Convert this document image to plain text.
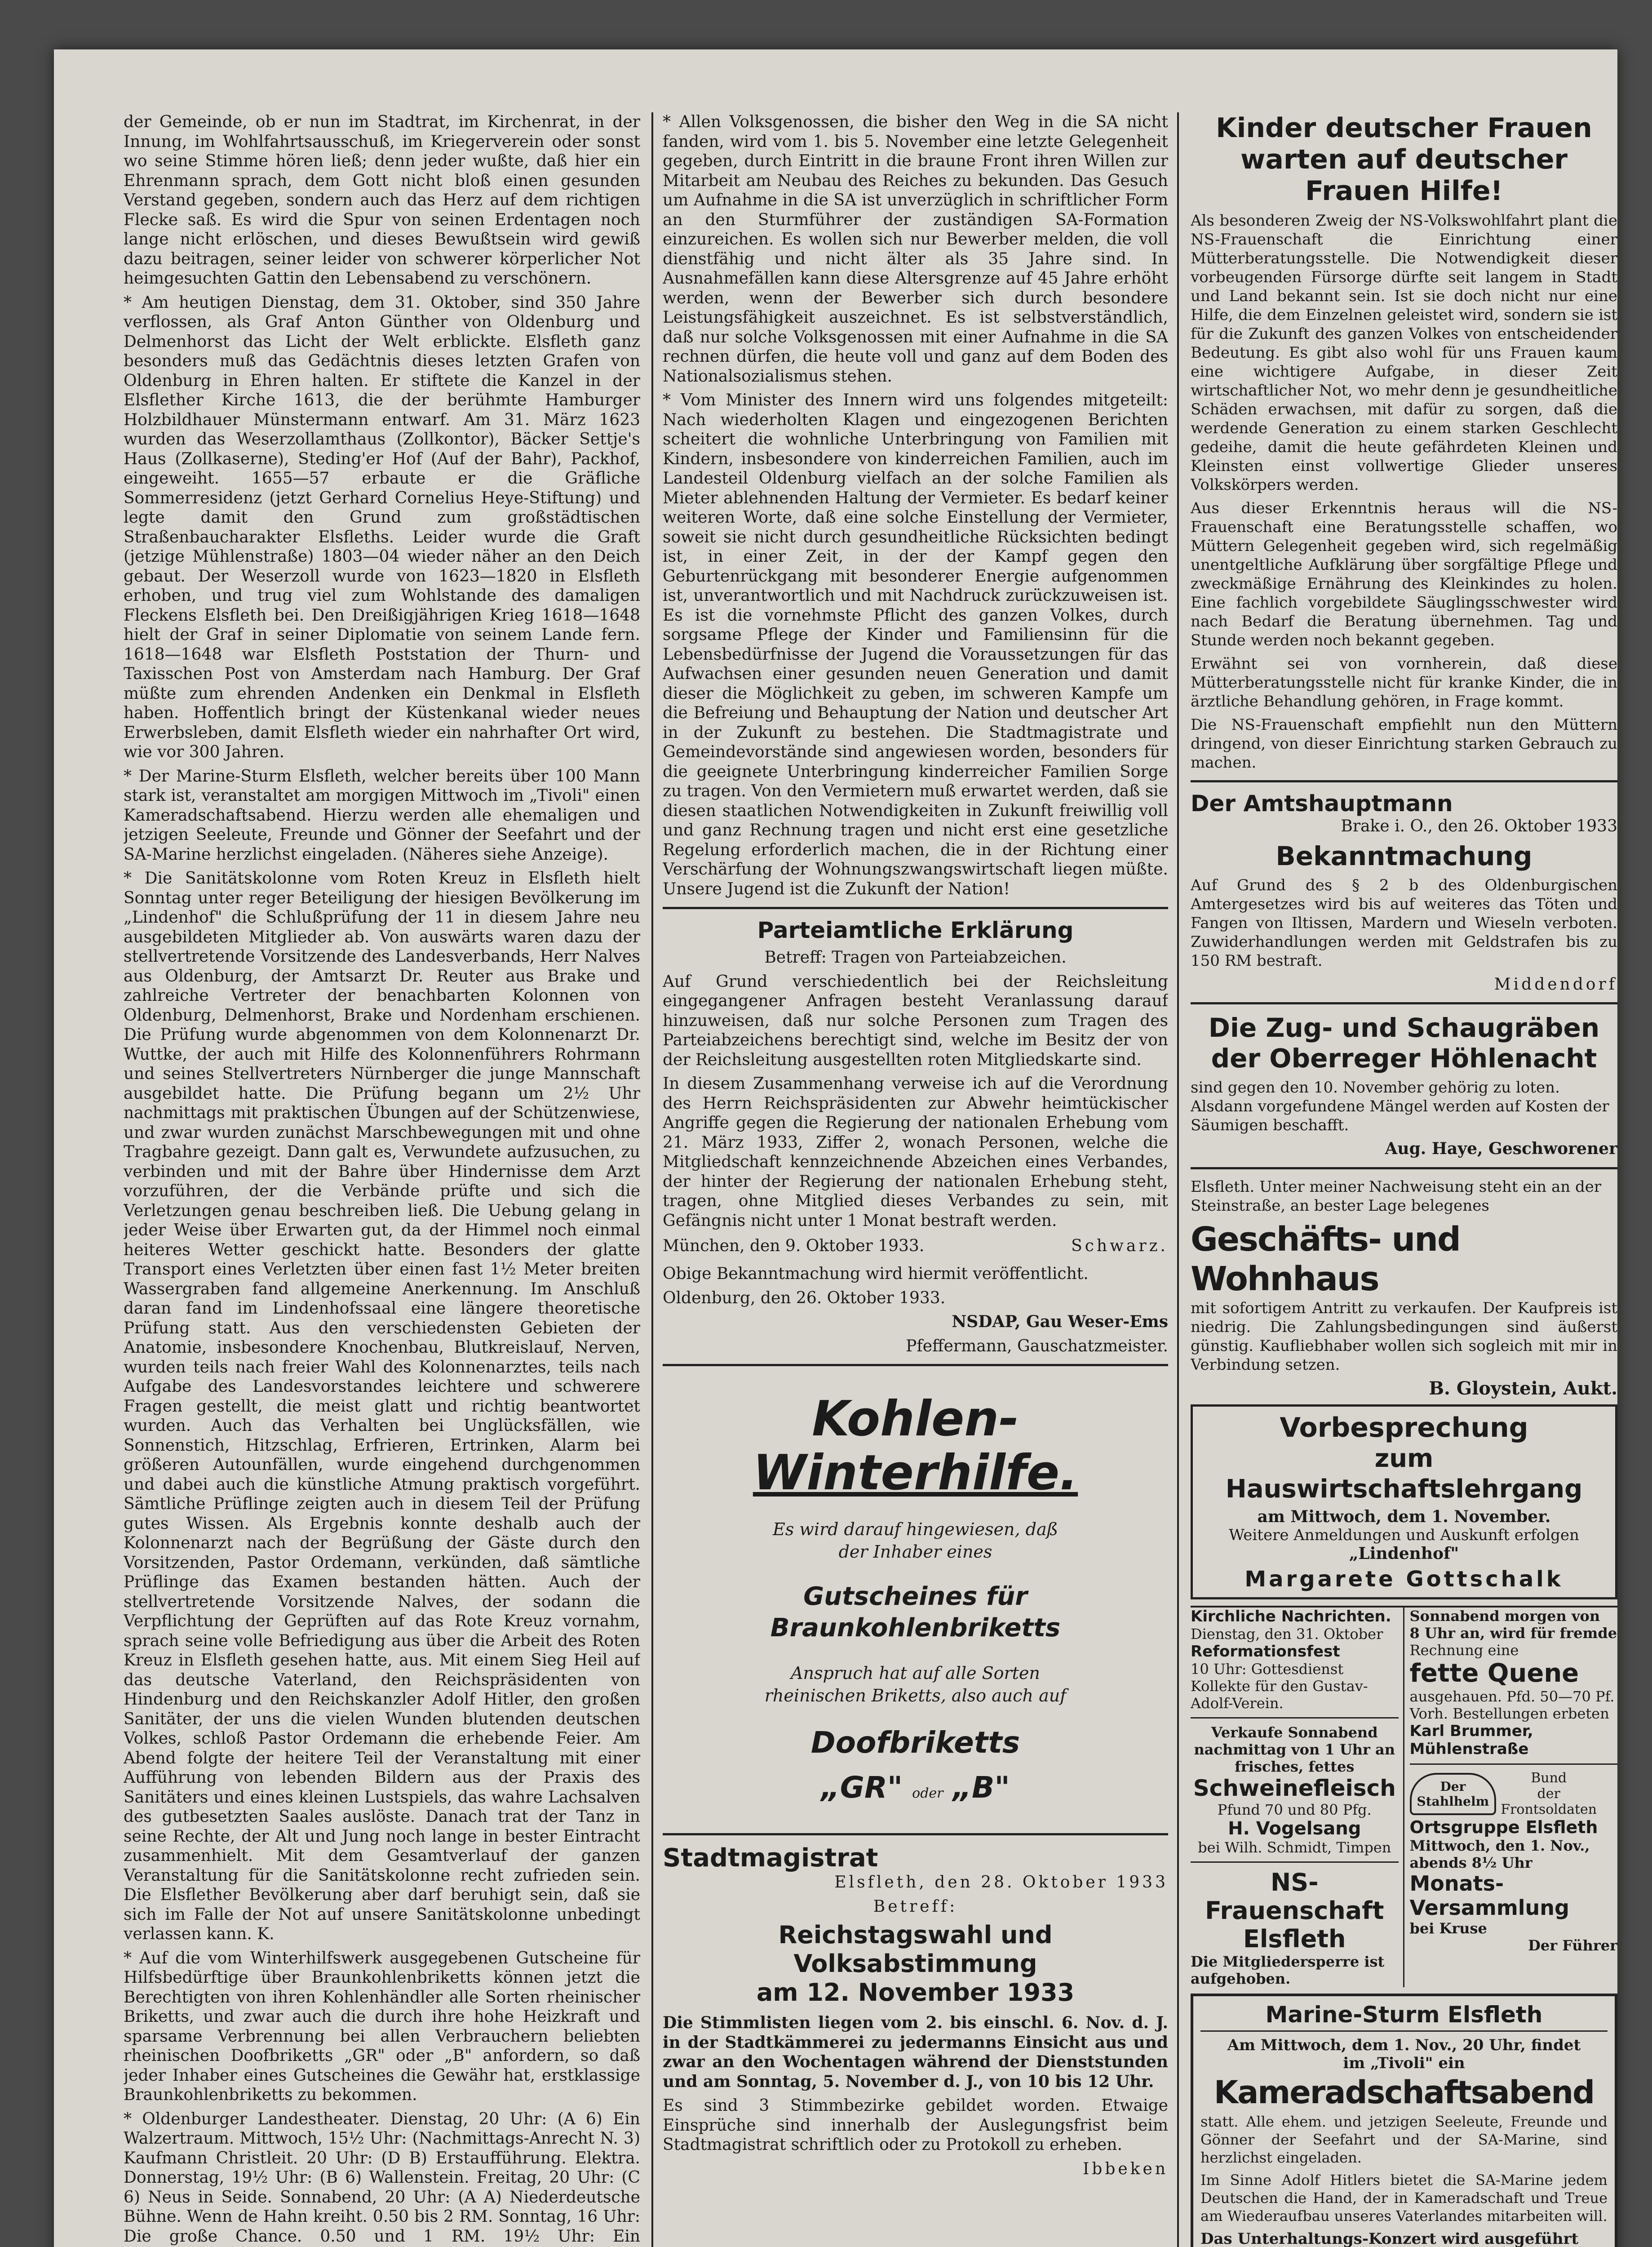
der Gemeinde, ob er nun im Stadtrat, im Kirchenrat, in der Innung, im Wohlfahrtsausschuß, im Kriegerverein oder sonst wo seine Stimme hören ließ; denn jeder wußte, daß hier ein Ehrenmann sprach, dem Gott nicht bloß einen gesunden Verstand gegeben, sondern auch das Herz auf dem richtigen Flecke saß. Es wird die Spur von seinen Erdentagen noch lange nicht erlöschen, und dieses Bewußtsein wird gewiß dazu beitragen, seiner leider von schwerer körperlicher Not heimgesuchten Gattin den Lebensabend zu verschönern.

* Am heutigen Dienstag, dem 31. Oktober, sind 350 Jahre verflossen, als Graf Anton Günther von Oldenburg und Delmenhorst das Licht der Welt erblickte. Elsfleth ganz besonders muß das Gedächtnis dieses letzten Grafen von Oldenburg in Ehren halten. Er stiftete die Kanzel in der Elsflether Kirche 1613, die der berühmte Hamburger Holzbildhauer Münstermann entwarf. Am 31. März 1623 wurden das Weserzollamthaus (Zollkontor), Bäcker Settje's Haus (Zollkaserne), Steding'er Hof (Auf der Bahr), Packhof, eingeweiht. 1655—57 erbaute er die Gräfliche Sommerresidenz (jetzt Gerhard Cornelius Heye-Stiftung) und legte damit den Grund zum großstädtischen Straßenbaucharakter Elsfleths. Leider wurde die Graft (jetzige Mühlenstraße) 1803—04 wieder näher an den Deich gebaut. Der Weserzoll wurde von 1623—1820 in Elsfleth erhoben, und trug viel zum Wohlstande des damaligen Fleckens Elsfleth bei. Den Dreißigjährigen Krieg 1618—1648 hielt der Graf in seiner Diplomatie von seinem Lande fern. 1618—1648 war Elsfleth Poststation der Thurn- und Taxisschen Post von Amsterdam nach Hamburg. Der Graf müßte zum ehrenden Andenken ein Denkmal in Elsfleth haben. Hoffentlich bringt der Küstenkanal wieder neues Erwerbsleben, damit Elsfleth wieder ein nahrhafter Ort wird, wie vor 300 Jahren.

* Der Marine-Sturm Elsfleth, welcher bereits über 100 Mann stark ist, veranstaltet am morgigen Mittwoch im „Tivoli" einen Kameradschaftsabend. Hierzu werden alle ehemaligen und jetzigen Seeleute, Freunde und Gönner der Seefahrt und der SA-Marine herzlichst eingeladen. (Näheres siehe Anzeige).

* Die Sanitätskolonne vom Roten Kreuz in Elsfleth hielt Sonntag unter reger Beteiligung der hiesigen Bevölkerung im „Lindenhof" die Schlußprüfung der 11 in diesem Jahre neu ausgebildeten Mitglieder ab. Von auswärts waren dazu der stellvertretende Vorsitzende des Landesverbands, Herr Nalves aus Oldenburg, der Amtsarzt Dr. Reuter aus Brake und zahlreiche Vertreter der benachbarten Kolonnen von Oldenburg, Delmenhorst, Brake und Nordenham erschienen. Die Prüfung wurde abgenommen von dem Kolonnenarzt Dr. Wuttke, der auch mit Hilfe des Kolonnenführers Rohrmann und seines Stellvertreters Nürnberger die junge Mannschaft ausgebildet hatte. Die Prüfung begann um 2½ Uhr nachmittags mit praktischen Übungen auf der Schützenwiese, und zwar wurden zunächst Marschbewegungen mit und ohne Tragbahre gezeigt. Dann galt es, Verwundete aufzusuchen, zu verbinden und mit der Bahre über Hindernisse dem Arzt vorzuführen, der die Verbände prüfte und sich die Verletzungen genau beschreiben ließ. Die Uebung gelang in jeder Weise über Erwarten gut, da der Himmel noch einmal heiteres Wetter geschickt hatte. Besonders der glatte Transport eines Verletzten über einen fast 1½ Meter breiten Wassergraben fand allgemeine Anerkennung. Im Anschluß daran fand im Lindenhofssaal eine längere theoretische Prüfung statt. Aus den verschiedensten Gebieten der Anatomie, insbesondere Knochenbau, Blutkreislauf, Nerven, wurden teils nach freier Wahl des Kolonnenarztes, teils nach Aufgabe des Landesvorstandes leichtere und schwerere Fragen gestellt, die meist glatt und richtig beantwortet wurden. Auch das Verhalten bei Unglücksfällen, wie Sonnenstich, Hitzschlag, Erfrieren, Ertrinken, Alarm bei größeren Autounfällen, wurde eingehend durchgenommen und dabei auch die künstliche Atmung praktisch vorgeführt. Sämtliche Prüflinge zeigten auch in diesem Teil der Prüfung gutes Wissen. Als Ergebnis konnte deshalb auch der Kolonnenarzt nach der Begrüßung der Gäste durch den Vorsitzenden, Pastor Ordemann, verkünden, daß sämtliche Prüflinge das Examen bestanden hätten. Auch der stellvertretende Vorsitzende Nalves, der sodann die Verpflichtung der Geprüften auf das Rote Kreuz vornahm, sprach seine volle Befriedigung aus über die Arbeit des Roten Kreuz in Elsfleth gesehen hatte, aus. Mit einem Sieg Heil auf das deutsche Vaterland, den Reichspräsidenten von Hindenburg und den Reichskanzler Adolf Hitler, den großen Sanitäter, der uns die vielen Wunden blutenden deutschen Volkes, schloß Pastor Ordemann die erhebende Feier. Am Abend folgte der heitere Teil der Veranstaltung mit einer Aufführung von lebenden Bildern aus der Praxis des Sanitäters und eines kleinen Lustspiels, das wahre Lachsalven des gutbesetzten Saales auslöste. Danach trat der Tanz in seine Rechte, der Alt und Jung noch lange in bester Eintracht zusammenhielt. Mit dem Gesamtverlauf der ganzen Veranstaltung für die Sanitätskolonne recht zufrieden sein. Die Elsflether Bevölkerung aber darf beruhigt sein, daß sie sich im Falle der Not auf unsere Sanitätskolonne unbedingt verlassen kann. K.

* Auf die vom Winterhilfswerk ausgegebenen Gutscheine für Hilfsbedürftige über Braunkohlenbriketts können jetzt die Berechtigten von ihren Kohlenhändler alle Sorten rheinischer Briketts, und zwar auch die durch ihre hohe Heizkraft und sparsame Verbrennung bei allen Verbrauchern beliebten rheinischen Doofbriketts „GR" oder „B" anfordern, so daß jeder Inhaber eines Gutscheines die Gewähr hat, erstklassige Braunkohlenbriketts zu bekommen.

* Oldenburger Landestheater. Dienstag, 20 Uhr: (A 6) Ein Walzertraum. Mittwoch, 15½ Uhr: (Nachmittags-Anrecht N. 3) Kaufmann Christleit. 20 Uhr: (D B) Erstaufführung. Elektra. Donnerstag, 19½ Uhr: (B 6) Wallenstein. Freitag, 20 Uhr: (C 6) Neus in Seide. Sonnabend, 20 Uhr: (A A) Niederdeutsche Bühne. Wenn de Hahn kreiht. 0.50 bis 2 RM. Sonntag, 16 Uhr: Die große Chance. 0.50 und 1 RM. 19½ Uhr: Ein

* Allen Volksgenossen, die bisher den Weg in die SA nicht fanden, wird vom 1. bis 5. November eine letzte Gelegenheit gegeben, durch Eintritt in die braune Front ihren Willen zur Mitarbeit am Neubau des Reiches zu bekunden. Das Gesuch um Aufnahme in die SA ist unverzüglich in schriftlicher Form an den Sturmführer der zuständigen SA-Formation einzureichen. Es wollen sich nur Bewerber melden, die voll dienstfähig und nicht älter als 35 Jahre sind. In Ausnahmefällen kann diese Altersgrenze auf 45 Jahre erhöht werden, wenn der Bewerber sich durch besondere Leistungsfähigkeit auszeichnet. Es ist selbstverständlich, daß nur solche Volksgenossen mit einer Aufnahme in die SA rechnen dürfen, die heute voll und ganz auf dem Boden des Nationalsozialismus stehen.

* Vom Minister des Innern wird uns folgendes mitgeteilt: Nach wiederholten Klagen und eingezogenen Berichten scheitert die wohnliche Unterbringung von Familien mit Kindern, insbesondere von kinderreichen Familien, auch im Landesteil Oldenburg vielfach an der solche Familien als Mieter ablehnenden Haltung der Vermieter. Es bedarf keiner weiteren Worte, daß eine solche Einstellung der Vermieter, soweit sie nicht durch gesundheitliche Rücksichten bedingt ist, in einer Zeit, in der der Kampf gegen den Geburtenrückgang mit besonderer Energie aufgenommen ist, unverantwortlich und mit Nachdruck zurückzuweisen ist. Es ist die vornehmste Pflicht des ganzen Volkes, durch sorgsame Pflege der Kinder und Familiensinn für die Lebensbedürfnisse der Jugend die Voraussetzungen für das Aufwachsen einer gesunden neuen Generation und damit dieser die Möglichkeit zu geben, im schweren Kampfe um die Befreiung und Behauptung der Nation und deutscher Art in der Zukunft zu bestehen. Die Stadtmagistrate und Gemeindevorstände sind angewiesen worden, besonders für die geeignete Unterbringung kinderreicher Familien Sorge zu tragen. Von den Vermietern muß erwartet werden, daß sie diesen staatlichen Notwendigkeiten in Zukunft freiwillig voll und ganz Rechnung tragen und nicht erst eine gesetzliche Regelung erforderlich machen, die in der Richtung einer Verschärfung der Wohnungszwangswirtschaft liegen müßte. Unsere Jugend ist die Zukunft der Nation!

Parteiamtliche Erklärung

Betreff: Tragen von Parteiabzeichen.

Auf Grund verschiedentlich bei der Reichsleitung eingegangener Anfragen besteht Veranlassung darauf hinzuweisen, daß nur solche Personen zum Tragen des Parteiabzeichens berechtigt sind, welche im Besitz der von der Reichsleitung ausgestellten roten Mitgliedskarte sind.

In diesem Zusammenhang verweise ich auf die Verordnung des Herrn Reichspräsidenten zur Abwehr heimtückischer Angriffe gegen die Regierung der nationalen Erhebung vom 21. März 1933, Ziffer 2, wonach Personen, welche die Mitgliedschaft kennzeichnende Abzeichen eines Verbandes, der hinter der Regierung der nationalen Erhebung steht, tragen, ohne Mitglied dieses Verbandes zu sein, mit Gefängnis nicht unter 1 Monat bestraft werden.

München, den 9. Oktober 1933.	Schwarz.

Obige Bekanntmachung wird hiermit veröffentlicht.

Oldenburg, den 26. Oktober 1933.

NSDAP, Gau Weser-Ems

Pfeffermann, Gauschatzmeister.

Kohlen-
Winterhilfe.
Es wird darauf hingewiesen, daß
der Inhaber eines
Gutscheines für
Braunkohlenbriketts
Anspruch hat auf alle Sorten
rheinischen Briketts, also auch auf
Doofbriketts
„GR" oder „B"
Stadtmagistrat

Elsfleth, den 28. Oktober 1933

Betreff:

Reichstagswahl und Volksabstimmung
am 12. November 1933

Die Stimmlisten liegen vom 2. bis einschl. 6. Nov. d. J. in der Stadtkämmerei zu jedermanns Einsicht aus und zwar an den Wochentagen während der Dienststunden und am Sonntag, 5. November d. J., von 10 bis 12 Uhr.

Es sind 3 Stimmbezirke gebildet worden. Etwaige Einsprüche sind innerhalb der Auslegungsfrist beim Stadtmagistrat schriftlich oder zu Protokoll zu erheben.

Ibbeken

Kinder deutscher Frauen
warten auf deutscher Frauen Hilfe!

Als besonderen Zweig der NS-Volkswohlfahrt plant die NS-Frauenschaft die Einrichtung einer Mütterberatungsstelle. Die Notwendigkeit dieser vorbeugenden Fürsorge dürfte seit langem in Stadt und Land bekannt sein. Ist sie doch nicht nur eine Hilfe, die dem Einzelnen geleistet wird, sondern sie ist für die Zukunft des ganzen Volkes von entscheidender Bedeutung. Es gibt also wohl für uns Frauen kaum eine wichtigere Aufgabe, in dieser Zeit wirtschaftlicher Not, wo mehr denn je gesundheitliche Schäden erwachsen, mit dafür zu sorgen, daß die werdende Generation zu einem starken Geschlecht gedeihe, damit die heute gefährdeten Kleinen und Kleinsten einst vollwertige Glieder unseres Volkskörpers werden.

Aus dieser Erkenntnis heraus will die NS-Frauenschaft eine Beratungsstelle schaffen, wo Müttern Gelegenheit gegeben wird, sich regelmäßig unentgeltliche Aufklärung über sorgfältige Pflege und zweckmäßige Ernährung des Kleinkindes zu holen. Eine fachlich vorgebildete Säuglingsschwester wird nach Bedarf die Beratung übernehmen. Tag und Stunde werden noch bekannt gegeben.

Erwähnt sei von vornherein, daß diese Mütterberatungsstelle nicht für kranke Kinder, die in ärztliche Behandlung gehören, in Frage kommt.

Die NS-Frauenschaft empfiehlt nun den Müttern dringend, von dieser Einrichtung starken Gebrauch zu machen.

Der Amtshauptmann

Brake i. O., den 26. Oktober 1933

Bekanntmachung

Auf Grund des § 2 b des Oldenburgischen Amtergesetzes wird bis auf weiteres das Töten und Fangen von Iltissen, Mardern und Wieseln verboten. Zuwiderhandlungen werden mit Geldstrafen bis zu 150 RM bestraft.

Middendorf

Die Zug- und Schaugräben
der Oberreger Höhlenacht

sind gegen den 10. November gehörig zu loten. Alsdann vorgefundene Mängel werden auf Kosten der Säumigen beschafft.

Aug. Haye, Geschworener

Elsfleth. Unter meiner Nachweisung steht ein an der Steinstraße, an bester Lage belegenes

Geschäfts- und Wohnhaus

mit sofortigem Antritt zu verkaufen. Der Kaufpreis ist niedrig. Die Zahlungsbedingungen sind äußerst günstig. Kaufliebhaber wollen sich sogleich mit mir in Verbindung setzen.

B. Gloystein, Aukt.

Vorbesprechung
zum Hauswirtschaftslehrgang
am Mittwoch, dem 1. November.
Weitere Anmeldungen und Auskunft erfolgen
„Lindenhof"
Margarete Gottschalk
Kirchliche Nachrichten.
Dienstag, den 31. Oktober
Reformationsfest
10 Uhr: Gottesdienst
Kollekte für den Gustav-Adolf-Verein.
Verkaufe Sonnabend
nachmittag von 1 Uhr an
frisches, fettes
Schweinefleisch
Pfund 70 und 80 Pfg.
H. Vogelsang
bei Wilh. Schmidt, Timpen
NS-Frauenschaft
Elsfleth
Die Mitgliedersperre ist
aufgehoben.
Sonnabend morgen von
8 Uhr an, wird für fremde
Rechnung eine
fette Quene
ausgehauen. Pfd. 50—70 Pf.
Vorh. Bestellungen erbeten
Karl Brummer, Mühlenstraße
Der
Stahlhelm
Bund
der
Frontsoldaten
Ortsgruppe Elsfleth
Mittwoch, den 1. Nov.,
abends 8½ Uhr
Monats-Versammlung
bei Kruse
Der Führer
Marine-Sturm Elsfleth
Am Mittwoch, dem 1. Nov., 20 Uhr, findet
im „Tivoli" ein
Kameradschaftsabend

statt. Alle ehem. und jetzigen Seeleute, Freunde und Gönner der Seefahrt und der SA-Marine, sind herzlichst eingeladen.

Im Sinne Adolf Hitlers bietet die SA-Marine jedem Deutschen die Hand, der in Kameradschaft und Treue am Wiederaufbau unseres Vaterlandes mitarbeiten will.

Das Unterhaltungs-Konzert wird ausgeführt
